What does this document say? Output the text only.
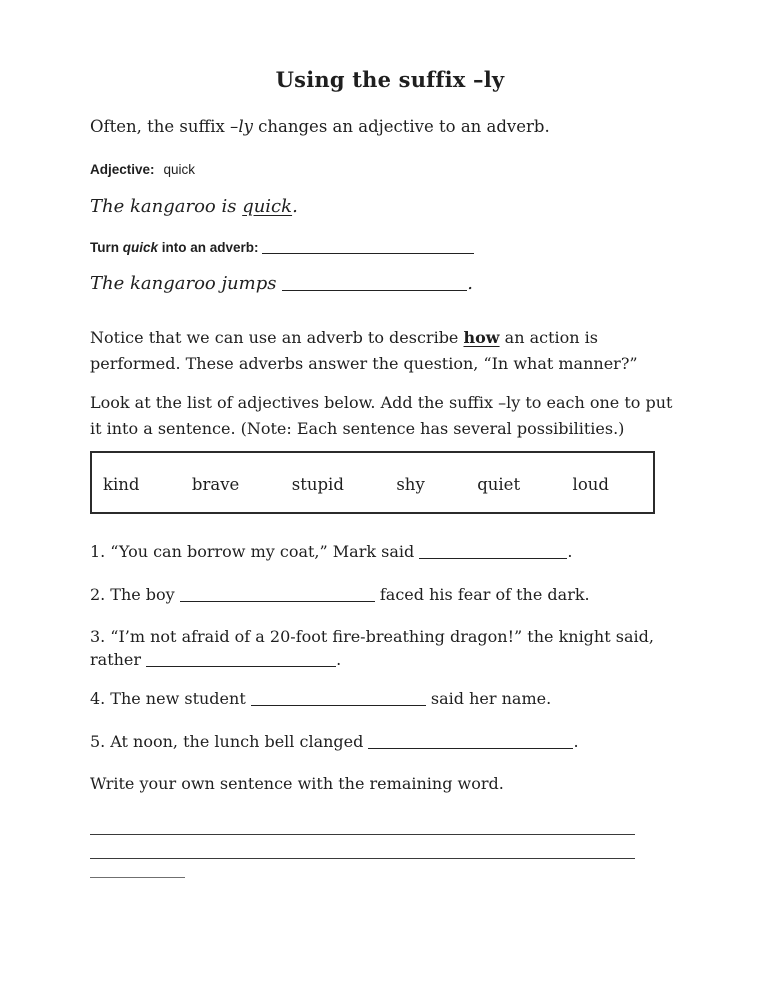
Using the suffix –ly

Often, the suffix –ly changes an adjective to an adverb.

Adjective: quick

The kangaroo is quick.

Turn quick into an adverb:

The kangaroo jumps	.

Notice that we can use an adverb to describe how an action is
performed. These adverbs answer the question, “In what manner?”

Look at the list of adjectives below. Add the suffix –ly to each one to put
it into a sentence. (Note: Each sentence has several possibilities.)

kind	brave	stupid	shy	quiet	loud

1. “You can borrow my coat,” Mark said	.

2. The boy	faced his fear of the dark.

3. “I’m not afraid of a 20-foot fire-breathing dragon!” the knight said,
rather	.

4. The new student	said her name.

5. At noon, the lunch bell clanged	.

Write your own sentence with the remaining word.
